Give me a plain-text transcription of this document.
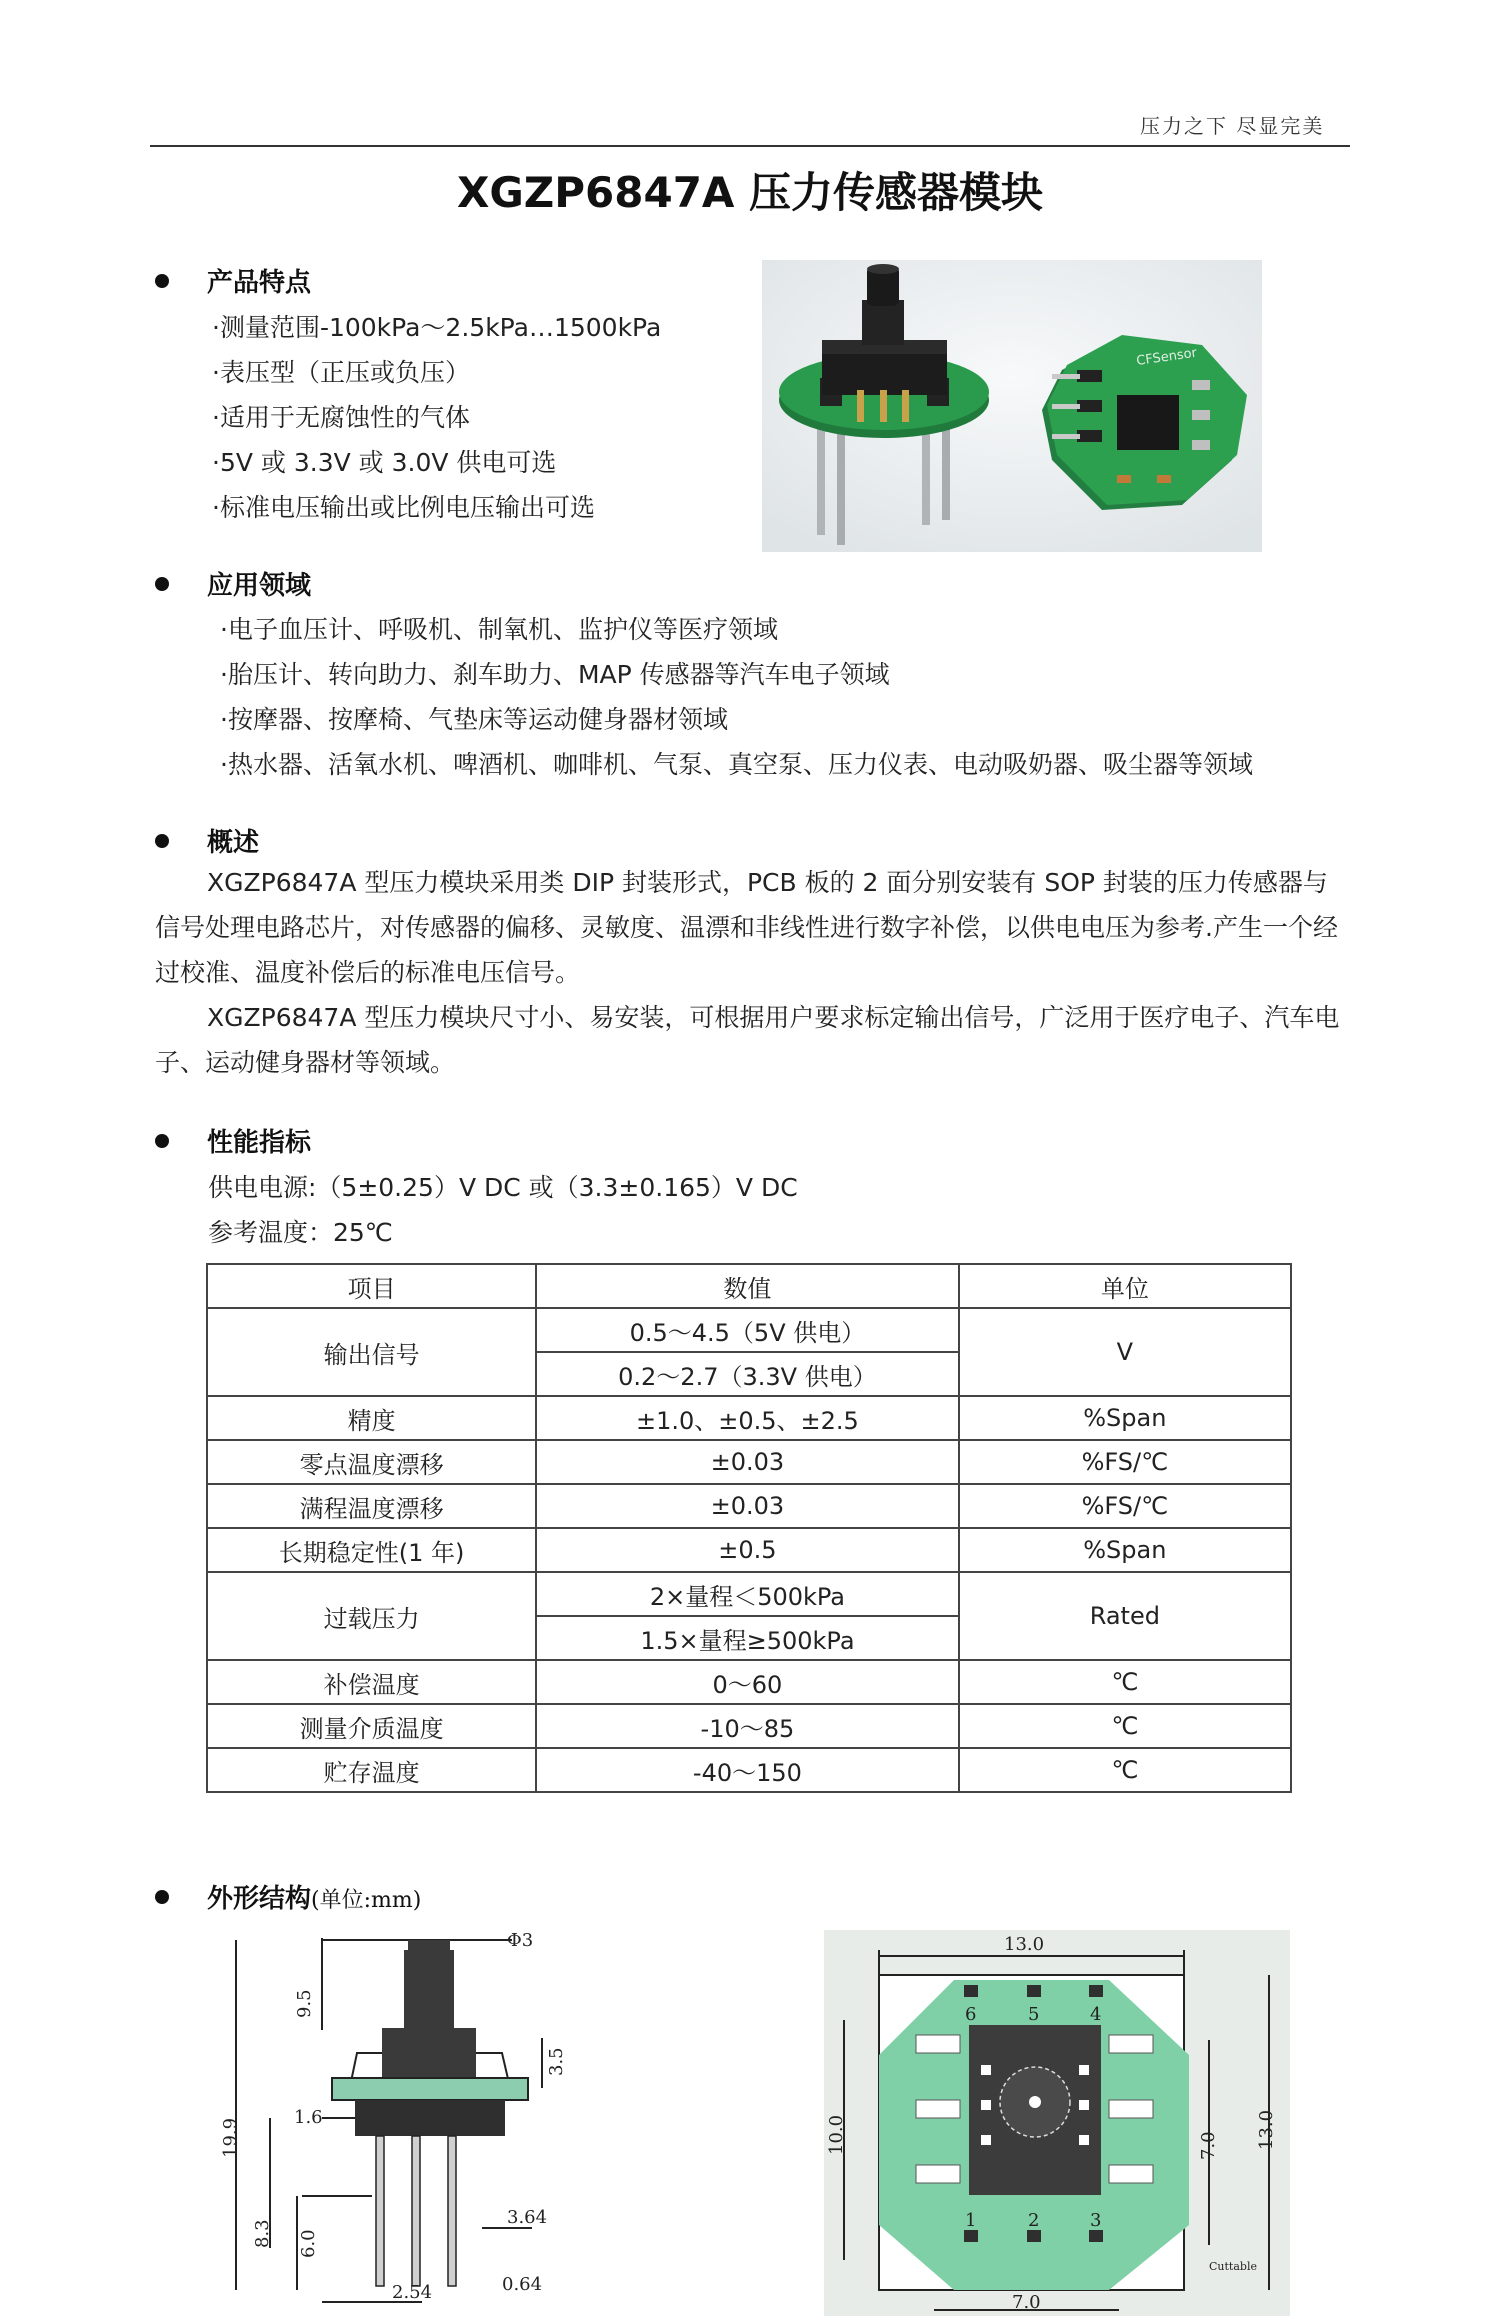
压力之下 尽显完美
XGZP6847A 压力传感器模块
产品特点
·测量范围-100kPa～2.5kPa…1500kPa
·表压型（正压或负压）
·适用于无腐蚀性的气体
·5V 或 3.3V 或 3.0V 供电可选
·标准电压输出或比例电压输出可选
CFSensor
应用领域
·电子血压计、呼吸机、制氧机、监护仪等医疗领域
·胎压计、转向助力、刹车助力、MAP 传感器等汽车电子领域
·按摩器、按摩椅、气垫床等运动健身器材领域
·热水器、活氧水机、啤酒机、咖啡机、气泵、真空泵、压力仪表、电动吸奶器、吸尘器等领域
概述
XGZP6847A 型压力模块采用类 DIP 封装形式，PCB 板的 2 面分别安装有 SOP 封装的压力传感器与信号处理电路芯片，对传感器的偏移、灵敏度、温漂和非线性进行数字补偿，以供电电压为参考.产生一个经过校准、温度补偿后的标准电压信号。
XGZP6847A 型压力模块尺寸小、易安装，可根据用户要求标定输出信号，广泛用于医疗电子、汽车电子、运动健身器材等领域。
性能指标
供电电源:（5±0.25）V DC 或（3.3±0.165）V DC
参考温度：25℃
项目	数值	单位
输出信号	0.5～4.5（5V 供电）	V
	0.2～2.7（3.3V 供电）	
精度	±1.0、±0.5、±2.5	%Span
零点温度漂移	±0.03	%FS/℃
满程温度漂移	±0.03	%FS/℃
长期稳定性(1 年)	±0.5	%Span
过载压力	2×量程＜500kPa	Rated
	1.5×量程≥500kPa	
补偿温度	0～60	℃
测量介质温度	-10～85	℃
贮存温度	-40～150	℃
外形结构(单位:mm)
Φ3
9.5
19.9
3.5
1.6
8.3 6.0
3.64
2.54	0.64
13.0
13.0
10.0	7.0
7.0
6	5	4
1	2	3
Cuttable
